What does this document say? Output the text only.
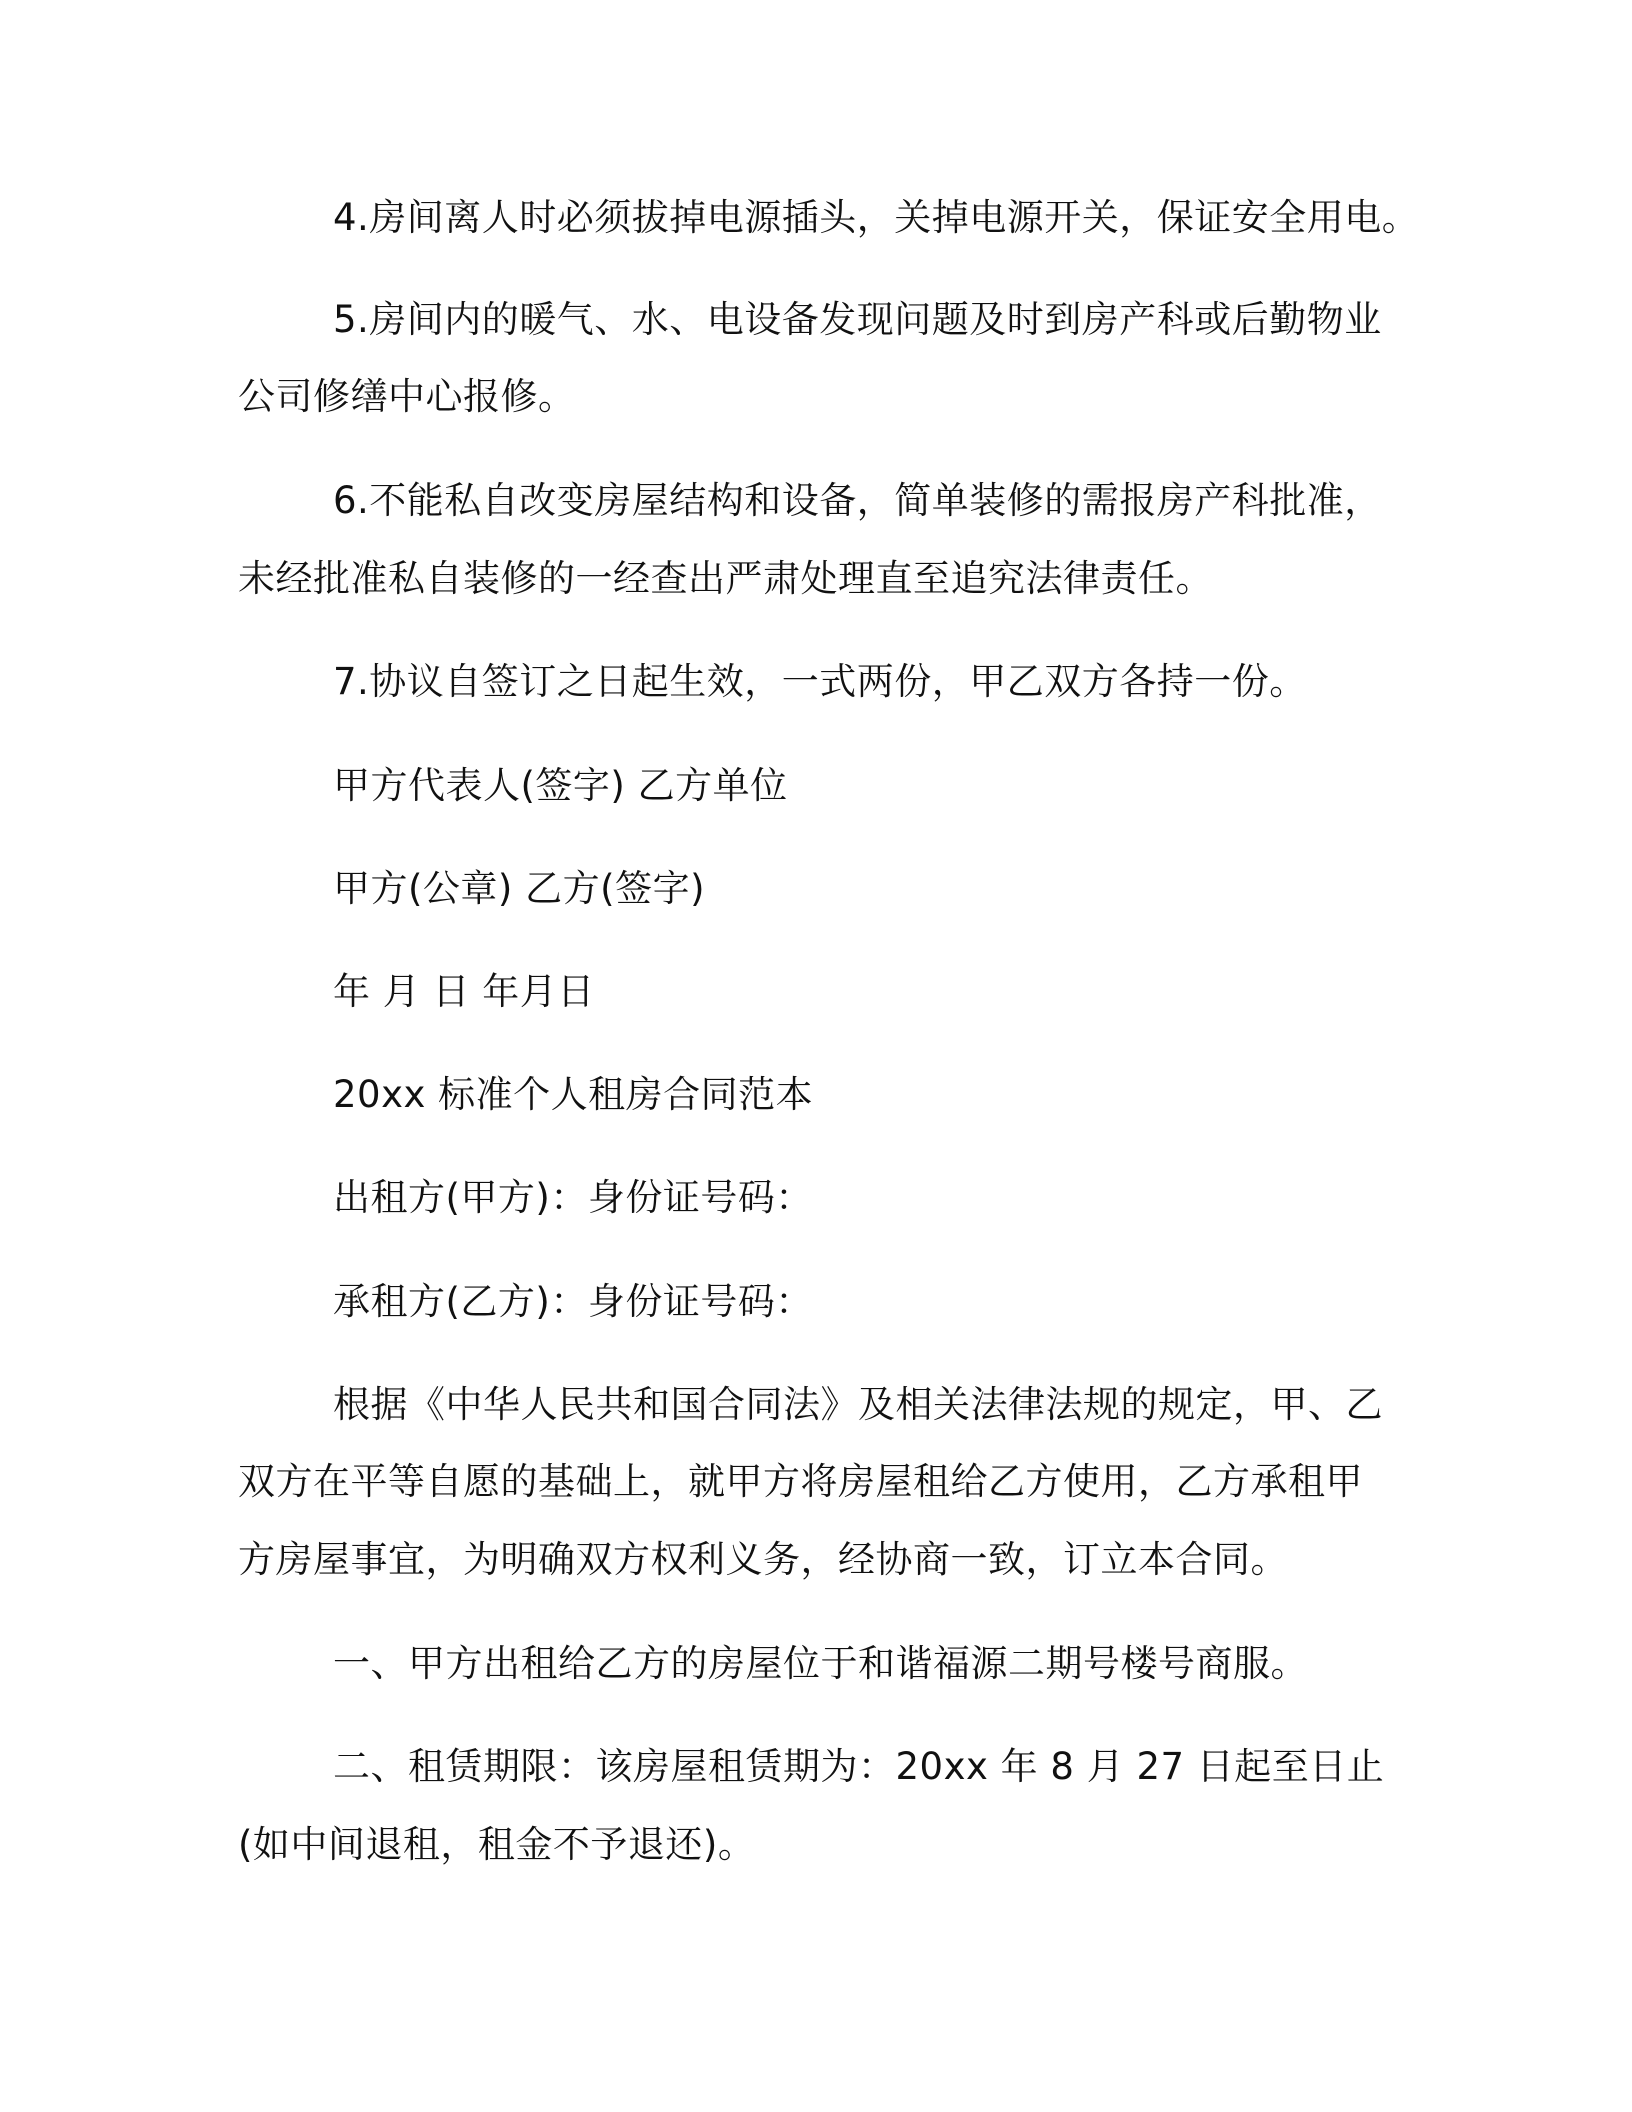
4.房间离人时必须拔掉电源插头，关掉电源开关，保证安全用电。
5.房间内的暖气、水、电设备发现问题及时到房产科或后勤物业
公司修缮中心报修。
6.不能私自改变房屋结构和设备，简单装修的需报房产科批准，
未经批准私自装修的一经查出严肃处理直至追究法律责任。
7.协议自签订之日起生效，一式两份，甲乙双方各持一份。
甲方代表人(签字) 乙方单位
甲方(公章) 乙方(签字)
年 月 日 年月日
20xx 标准个人租房合同范本
出租方(甲方)：身份证号码：
承租方(乙方)：身份证号码：
根据《中华人民共和国合同法》及相关法律法规的规定，甲、乙
双方在平等自愿的基础上，就甲方将房屋租给乙方使用，乙方承租甲
方房屋事宜，为明确双方权利义务，经协商一致，订立本合同。
一、甲方出租给乙方的房屋位于和谐福源二期号楼号商服。
二、租赁期限：该房屋租赁期为：20xx 年 8 月 27 日起至日止
(如中间退租，租金不予退还)。
